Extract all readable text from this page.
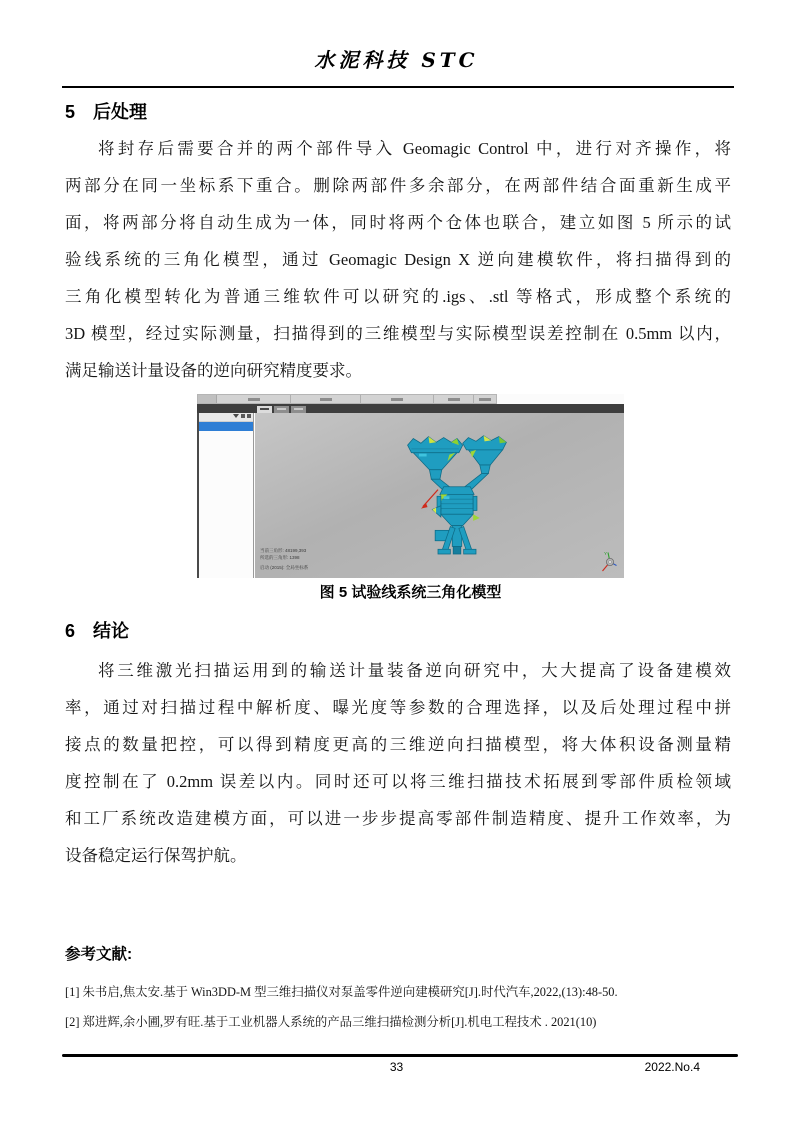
水泥科技 STC
5 后处理
将封存后需要合并的两个部件导入 Geomagic Control 中，进行对齐操作，将
两部分在同一坐标系下重合。删除两部件多余部分，在两部件结合面重新生成平
面，将两部分将自动生成为一体，同时将两个仓体也联合，建立如图 5 所示的试
验线系统的三角化模型，通过 Geomagic Design X 逆向建模软件，将扫描得到的
三角化模型转化为普通三维软件可以研究的.igs、.stl 等格式，形成整个系统的
3D 模型，经过实际测量，扫描得到的三维模型与实际模型误差控制在 0.5mm 以内，
满足输送计量设备的逆向研究精度要求。
Y
当前三角形: 48199,393
所选的三角形: 1398
启动 (2015): 全局坐标系
图 5 试验线系统三角化模型
6 结论
将三维激光扫描运用到的输送计量装备逆向研究中，大大提高了设备建模效
率，通过对扫描过程中解析度、曝光度等参数的合理选择，以及后处理过程中拼
接点的数量把控，可以得到精度更高的三维逆向扫描模型，将大体积设备测量精
度控制在了 0.2mm 误差以内。同时还可以将三维扫描技术拓展到零部件质检领域
和工厂系统改造建模方面，可以进一步步提高零部件制造精度、提升工作效率，为
设备稳定运行保驾护航。
参考文献:
[1] 朱书启,焦太安.基于 Win3DD-M 型三维扫描仪对泵盖零件逆向建模研究[J].时代汽车,2022,(13):48-50.
[2] 郑进辉,余小圃,罗有旺.基于工业机器人系统的产品三维扫描检测分析[J].机电工程技术 . 2021(10)
33	2022.No.4
